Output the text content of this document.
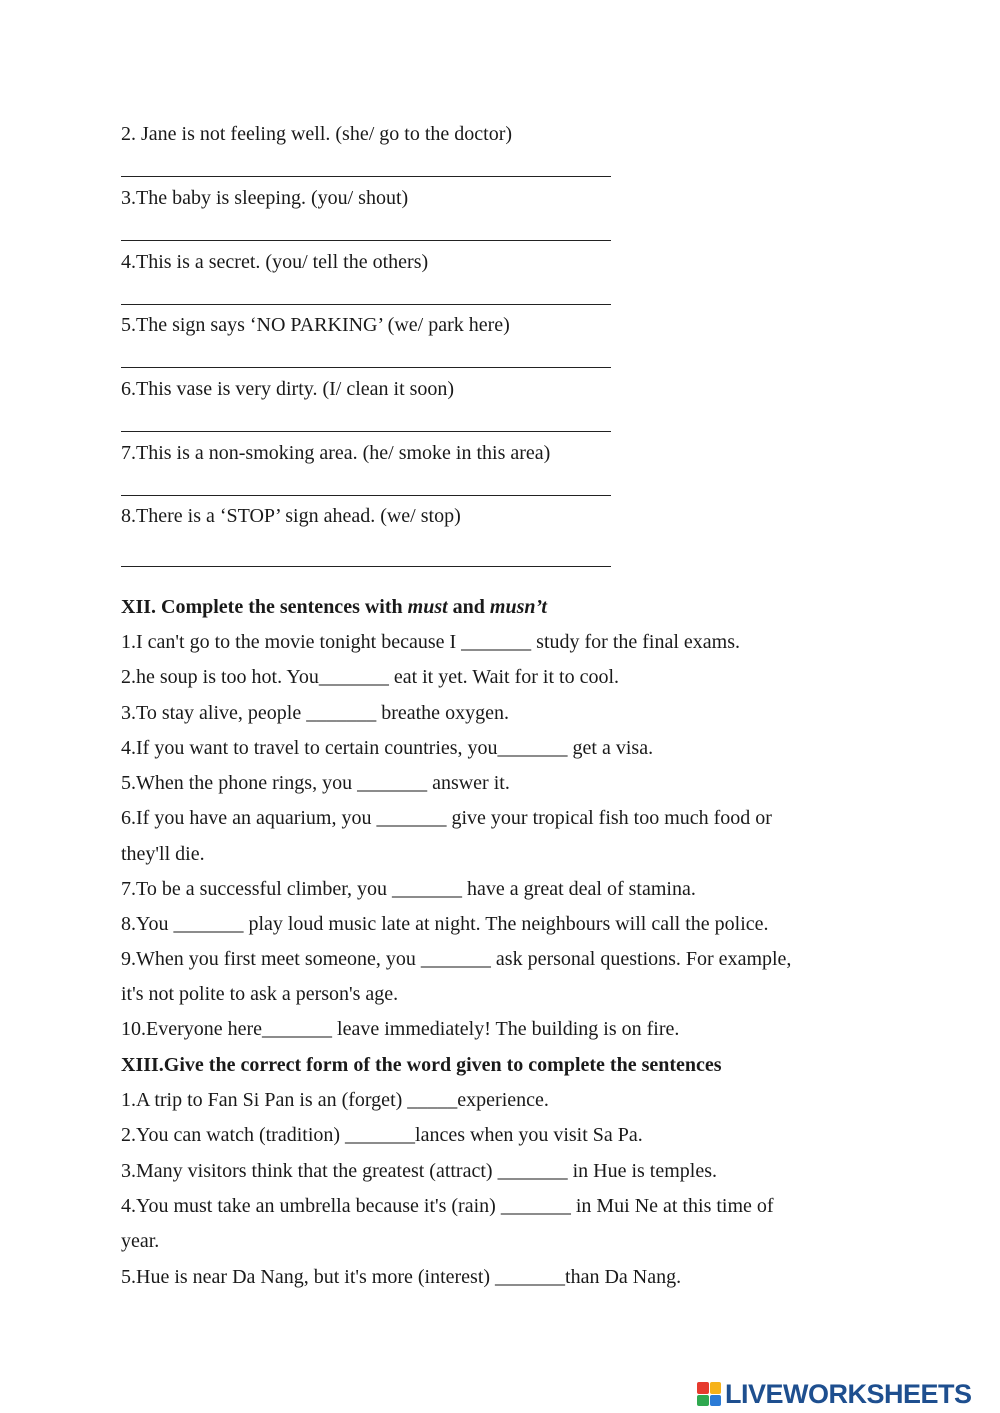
2. Jane is not feeling well. (she/ go to the doctor)
3.The baby is sleeping. (you/ shout)
4.This is a secret. (you/ tell the others)
5.The sign says ‘NO PARKING’ (we/ park here)
6.This vase is very dirty. (I/ clean it soon)
7.This is a non-smoking area. (he/ smoke in this area)
8.There is a ‘STOP’ sign ahead. (we/ stop)
XII. Complete the sentences with must and musn’t
1.I can't go to the movie tonight because I _______ study for the final exams.
2.he soup is too hot. You_______ eat it yet. Wait for it to cool.
3.To stay alive, people _______ breathe oxygen.
4.If you want to travel to certain countries, you_______ get a visa.
5.When the phone rings, you _______ answer it.
6.If you have an aquarium, you _______ give your tropical fish too much food or
they'll die.
7.To be a successful climber, you _______ have a great deal of stamina.
8.You _______ play loud music late at night. The neighbours will call the police.
9.When you first meet someone, you _______ ask personal questions. For example,
it's not polite to ask a person's age.
10.Everyone here_______ leave immediately! The building is on fire.
XIII.Give the correct form of the word given to complete the sentences
1.A trip to Fan Si Pan is an (forget) _____experience.
2.You can watch (tradition) _______lances when you visit Sa Pa.
3.Many visitors think that the greatest (attract) _______ in Hue is temples.
4.You must take an umbrella because it's (rain) _______ in Mui Ne at this time of
year.
5.Hue is near Da Nang, but it's more (interest) _______than Da Nang.
LIVEWORKSHEETS
